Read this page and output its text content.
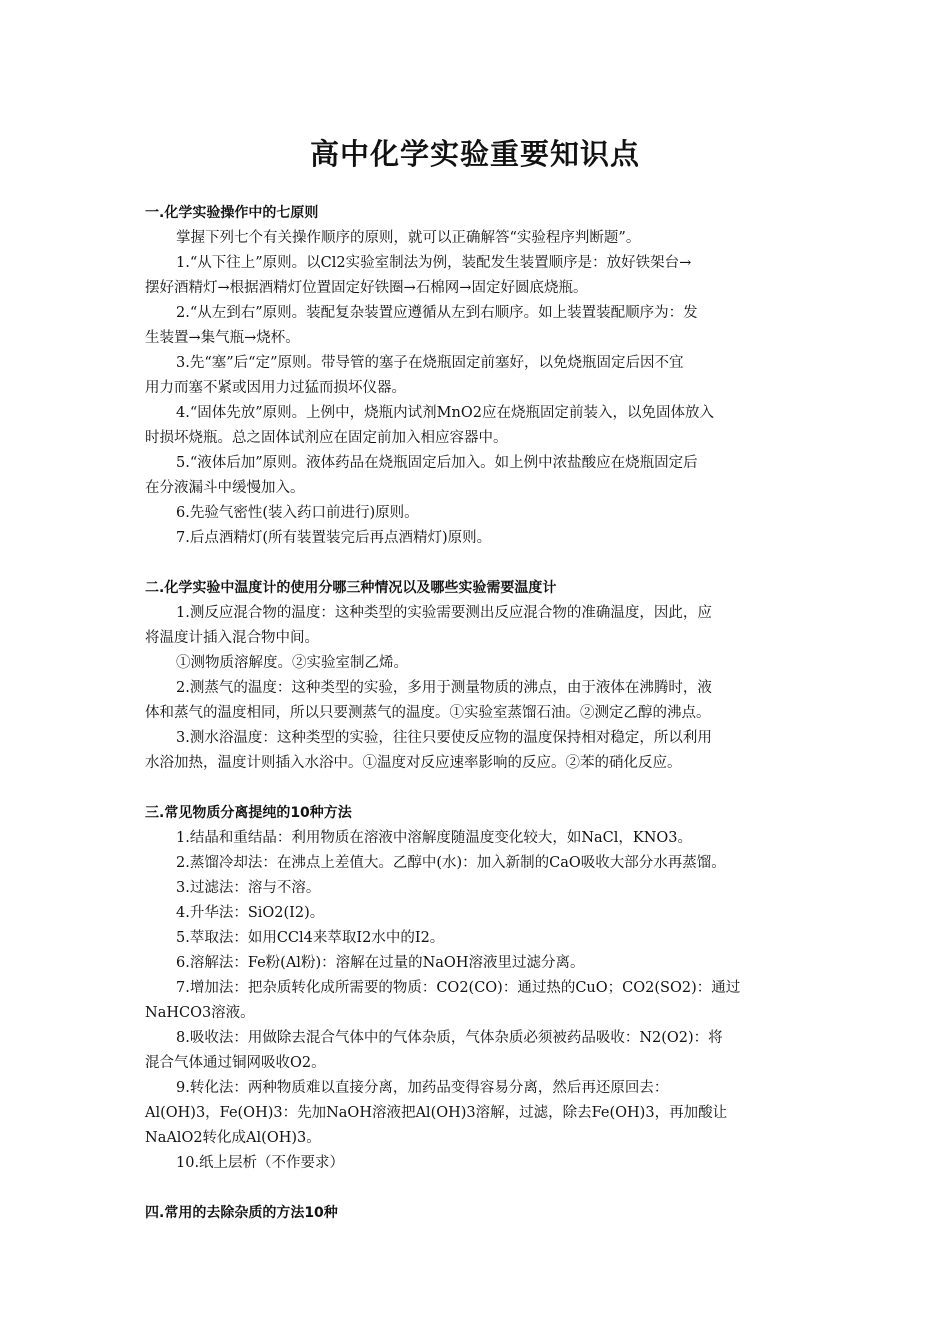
高中化学实验重要知识点
一.化学实验操作中的七原则
掌握下列七个有关操作顺序的原则，就可以正确解答“实验程序判断题”。
1.“从下往上”原则。以Cl2实验室制法为例，装配发生装置顺序是：放好铁架台→
摆好酒精灯→根据酒精灯位置固定好铁圈→石棉网→固定好圆底烧瓶。
2.“从左到右”原则。装配复杂装置应遵循从左到右顺序。如上装置装配顺序为：发
生装置→集气瓶→烧杯。
3.先“塞”后“定”原则。带导管的塞子在烧瓶固定前塞好，以免烧瓶固定后因不宜
用力而塞不紧或因用力过猛而损坏仪器。
4.“固体先放”原则。上例中，烧瓶内试剂MnO2应在烧瓶固定前装入，以免固体放入
时损坏烧瓶。总之固体试剂应在固定前加入相应容器中。
5.“液体后加”原则。液体药品在烧瓶固定后加入。如上例中浓盐酸应在烧瓶固定后
在分液漏斗中缓慢加入。
6.先验气密性(装入药口前进行)原则。
7.后点酒精灯(所有装置装完后再点酒精灯)原则。
二.化学实验中温度计的使用分哪三种情况以及哪些实验需要温度计
1.测反应混合物的温度：这种类型的实验需要测出反应混合物的准确温度，因此，应
将温度计插入混合物中间。
①测物质溶解度。②实验室制乙烯。
2.测蒸气的温度：这种类型的实验，多用于测量物质的沸点，由于液体在沸腾时，液
体和蒸气的温度相同，所以只要测蒸气的温度。①实验室蒸馏石油。②测定乙醇的沸点。
3.测水浴温度：这种类型的实验，往往只要使反应物的温度保持相对稳定，所以利用
水浴加热，温度计则插入水浴中。①温度对反应速率影响的反应。②苯的硝化反应。
三.常见物质分离提纯的10种方法
1.结晶和重结晶：利用物质在溶液中溶解度随温度变化较大，如NaCl，KNO3。
2.蒸馏冷却法：在沸点上差值大。乙醇中(水)：加入新制的CaO吸收大部分水再蒸馏。
3.过滤法：溶与不溶。
4.升华法：SiO2(I2)。
5.萃取法：如用CCl4来萃取I2水中的I2。
6.溶解法：Fe粉(Al粉)：溶解在过量的NaOH溶液里过滤分离。
7.增加法：把杂质转化成所需要的物质：CO2(CO)：通过热的CuO；CO2(SO2)：通过
NaHCO3溶液。
8.吸收法：用做除去混合气体中的气体杂质，气体杂质必须被药品吸收：N2(O2)：将
混合气体通过铜网吸收O2。
9.转化法：两种物质难以直接分离，加药品变得容易分离，然后再还原回去：
Al(OH)3，Fe(OH)3：先加NaOH溶液把Al(OH)3溶解，过滤，除去Fe(OH)3，再加酸让
NaAlO2转化成Al(OH)3。
10.纸上层析（不作要求）
四.常用的去除杂质的方法10种
